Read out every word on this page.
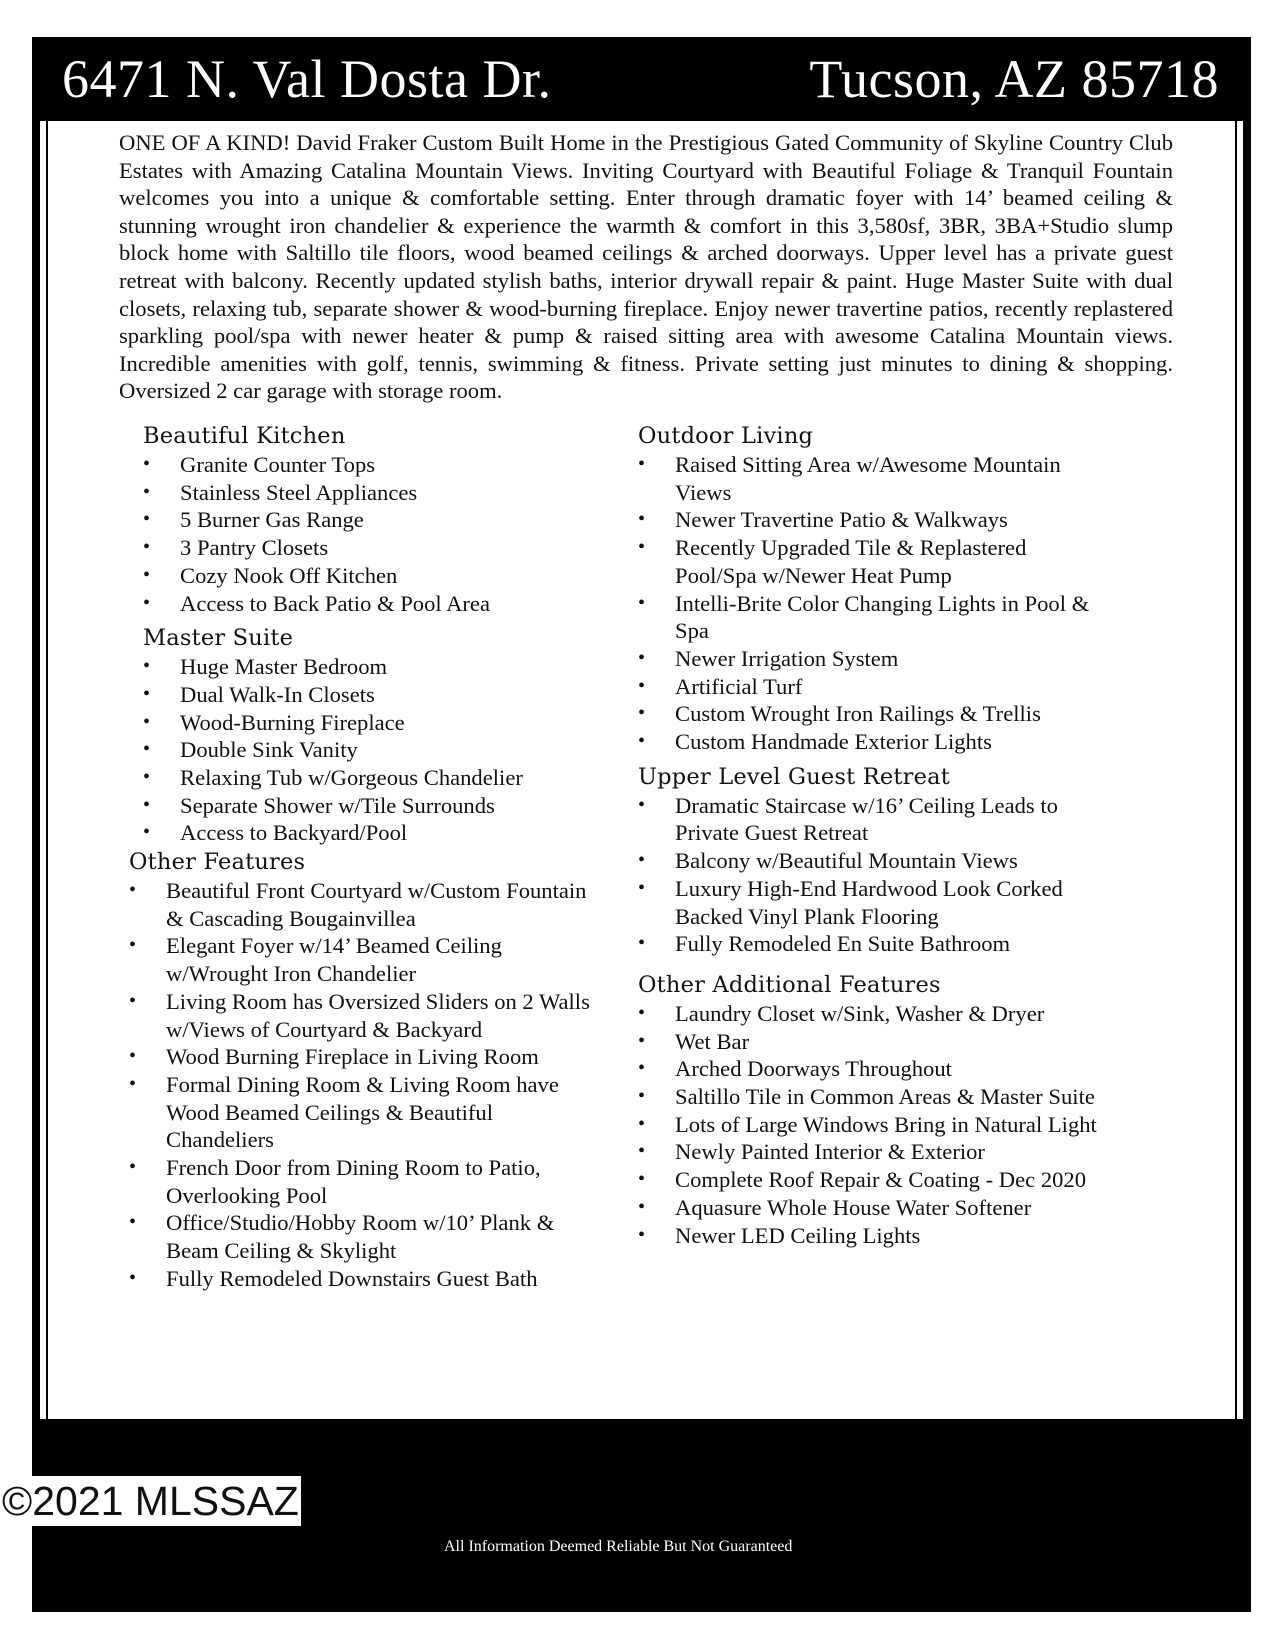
6471 N. Val Dosta Dr.	Tucson, AZ 85718

ONE OF A KIND! David Fraker Custom Built Home in the Prestigious Gated Community of Skyline Country Club Estates with Amazing Catalina Mountain Views. Inviting Courtyard with Beautiful Foliage & Tranquil Fountain welcomes you into a unique & comfortable setting. Enter through dramatic foyer with 14’ beamed ceiling & stunning wrought iron chandelier & experience the warmth & comfort in this 3,580sf, 3BR, 3BA+Studio slump block home with Saltillo tile floors, wood beamed ceilings & arched doorways. Upper level has a private guest retreat with balcony. Recently updated stylish baths, interior drywall repair & paint. Huge Master Suite with dual closets, relaxing tub, separate shower & wood-burning fireplace. Enjoy newer travertine patios, recently replastered sparkling pool/spa with newer heater & pump & raised sitting area with awesome Catalina Mountain views. Incredible amenities with golf, tennis, swimming & fitness. Private setting just minutes to dining & shopping. Oversized 2 car garage with storage room.

Beautiful Kitchen
• Granite Counter Tops
• Stainless Steel Appliances
• 5 Burner Gas Range
• 3 Pantry Closets
• Cozy Nook Off Kitchen
• Access to Back Patio & Pool Area
Master Suite
• Huge Master Bedroom
• Dual Walk-In Closets
• Wood-Burning Fireplace
• Double Sink Vanity
• Relaxing Tub w/Gorgeous Chandelier
• Separate Shower w/Tile Surrounds
• Access to Backyard/Pool
Other Features
• Beautiful Front Courtyard w/Custom Fountain & Cascading Bougainvillea
• Elegant Foyer w/14’ Beamed Ceiling w/Wrought Iron Chandelier
• Living Room has Oversized Sliders on 2 Walls w/Views of Courtyard & Backyard
• Wood Burning Fireplace in Living Room
• Formal Dining Room & Living Room have Wood Beamed Ceilings & Beautiful Chandeliers
• French Door from Dining Room to Patio, Overlooking Pool
• Office/Studio/Hobby Room w/10’ Plank & Beam Ceiling & Skylight
• Fully Remodeled Downstairs Guest Bath
Outdoor Living
• Raised Sitting Area w/Awesome Mountain Views
• Newer Travertine Patio & Walkways
• Recently Upgraded Tile & Replastered Pool/Spa w/Newer Heat Pump
• Intelli-Brite Color Changing Lights in Pool & Spa
• Newer Irrigation System
• Artificial Turf
• Custom Wrought Iron Railings & Trellis
• Custom Handmade Exterior Lights
Upper Level Guest Retreat
• Dramatic Staircase w/16’ Ceiling Leads to Private Guest Retreat
• Balcony w/Beautiful Mountain Views
• Luxury High-End Hardwood Look Corked Backed Vinyl Plank Flooring
• Fully Remodeled En Suite Bathroom
Other Additional Features
• Laundry Closet w/Sink, Washer & Dryer
• Wet Bar
• Arched Doorways Throughout
• Saltillo Tile in Common Areas & Master Suite
• Lots of Large Windows Bring in Natural Light
• Newly Painted Interior & Exterior
• Complete Roof Repair & Coating - Dec 2020
• Aquasure Whole House Water Softener
• Newer LED Ceiling Lights
All Information Deemed Reliable But Not Guaranteed
©2021 MLSSAZ
